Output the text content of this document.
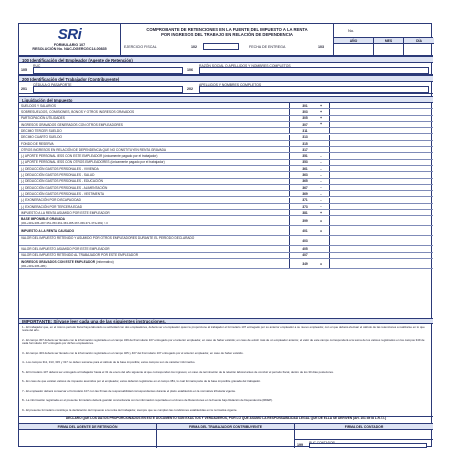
SRi
FORMULARIO 107
RESOLUCIÓN No. NAC-DGERCGC14-00835
COMPROBANTE DE RETENCIONES EN LA FUENTE DEL IMPUESTO A LA RENTA
POR INGRESOS DEL TRABAJO EN RELACIÓN DE DEPENDENCIA
EJERCICIO FISCAL	102	FECHA DE ENTREGA	103
No.
AÑO	MES	DÍA
100 Identificación del Empleador (Agente de Retención)
105
RUC
106
RAZÓN SOCIAL O APELLIDOS Y NOMBRES COMPLETOS
200 Identificación del Trabajador (Contribuyente)
201
CÉDULA O PASAPORTE
202
APELLIDOS Y NOMBRES COMPLETOS
Liquidación del Impuesto
SUELDOS Y SALARIOS	301	+
SOBRESUELDOS, COMISIONES, BONOS Y OTROS INGRESOS GRAVADOS	303	+
PARTICIPACIÓN UTILIDADES	305	+
INGRESOS GRAVADOS GENERADOS CON OTROS EMPLEADORES	307	+
DECIMO TERCER SUELDO	311
DECIMO CUARTO SUELDO	313
FONDO DE RESERVA	315
OTROS INGRESOS EN RELACIÓN DE DEPENDENCIA QUE NO CONSTITUYEN RENTA GRAVADA	317
(-) APORTE PERSONAL IESS CON ESTE EMPLEADOR (únicamente pagado por el trabajador)	351	-
(-) APORTE PERSONAL IESS CON OTROS EMPLEADORES (únicamente pagado por el trabajador)	353	-
(-) DEDUCCIÓN GASTOS PERSONALES - VIVIENDA	361	-
(-) DEDUCCIÓN GASTOS PERSONALES - SALUD	363	-
(-) DEDUCCIÓN GASTOS PERSONALES - EDUCACIÓN	365	-
(-) DEDUCCIÓN GASTOS PERSONALES - ALIMENTACIÓN	367	-
(-) DEDUCCIÓN GASTOS PERSONALES - VESTIMENTA	369	-
(-) EXONERACIÓN POR DISCAPACIDAD	371	-
(-) EXONERACIÓN POR TERCERA EDAD	373	-
IMPUESTO A LA RENTA ASUMIDO POR ESTE EMPLEADOR	381	+
BASE IMPONIBLE GRAVADA
(301+303+305+307-351-353-361-363-365-367-369-371-373+381) > 0	399	=
IMPUESTO A LA RENTA CAUSADO	401	=
VALOR DEL IMPUESTO RETENIDO Y ASUMIDO POR OTROS EMPLEADORES DURANTE EL PERÍODO DECLARADO
403
VALOR DEL IMPUESTO ASUMIDO POR ESTE EMPLEADOR	405
VALOR DEL IMPUESTO RETENIDO AL TRABAJADOR POR ESTE EMPLEADOR	407
INGRESOS GRAVADOS CON ESTE EMPLEADOR (informativo)
(301+303+305+381)	349	=
IMPORTANTE: Sírvase leer cada una de las siguientes instrucciones.
1.- El trabajador que, en el mismo período fiscal haya laborado su actividad con dos empleadores, deberá ser el empleador quien le proporcione al trabajador el formulario 107 entregado por su anterior empleador a su nuevo empleador, con el que deberá efectuar el cálculo de las retenciones a realizarse en lo que resta del año.
2.- El campo 307 deberá ser llenado con la información registrada en el campo 349 del Formulario 107 entregado por el anterior empleador, en caso de haber existido; en caso de existir más de un empleador anterior, el valor de este campo corresponderá a la suma de los valores registrados en los campos 349 de cada formulario 107 entregado por dichos empleadores.
3.- El campo 403 deberá ser llenado con la información registrada en el campo 405 y 407 del Formulario 107 entregado por el anterior empleador, en caso de haber existido.
4.- Los campos 311, 313, 315 y 317 no deben sumarse para el cálculo de la base imponible; estos campos son de carácter informativo.
5.- El formulario 107 deberá ser entregado al trabajador hasta el 31 de enero del año siguiente al que correspondan los ingresos; en caso de terminación de la relación laboral antes de concluir el período fiscal, dentro de los 30 días posteriores.
6.- En caso de que existan valores de impuesto asumidos por el empleador, estos deberán registrarse en el campo 381, lo cual formará parte de la base imponible gravada del trabajador.
7.- El empleador deberá conservar el formulario 107 con las firmas de responsabilidad correspondientes durante el plazo establecido en la normativa tributaria vigente.
8.- La información registrada en el presente formulario deberá guardar concordancia con la información reportada en el Anexo de Retenciones en la Fuente bajo Relación de Dependencia (RDEP).
9.- El presente formulario constituye la declaración del impuesto a la renta del trabajador, siempre que se cumplan las condiciones establecidas en la normativa vigente.
DECLARO QUE LOS DATOS PROPORCIONADOS EN ESTE DOCUMENTO SON EXACTOS Y VERDADEROS, POR LO QUE ASUMO LA RESPONSABILIDAD LEGAL QUE DE ELLA SE DERIVEN (Art. 101 de la L.R.T.I.)
FIRMA DEL AGENTE DE RETENCIÓN	FIRMA DEL TRABAJADOR CONTRIBUYENTE	FIRMA DEL CONTADOR
199
